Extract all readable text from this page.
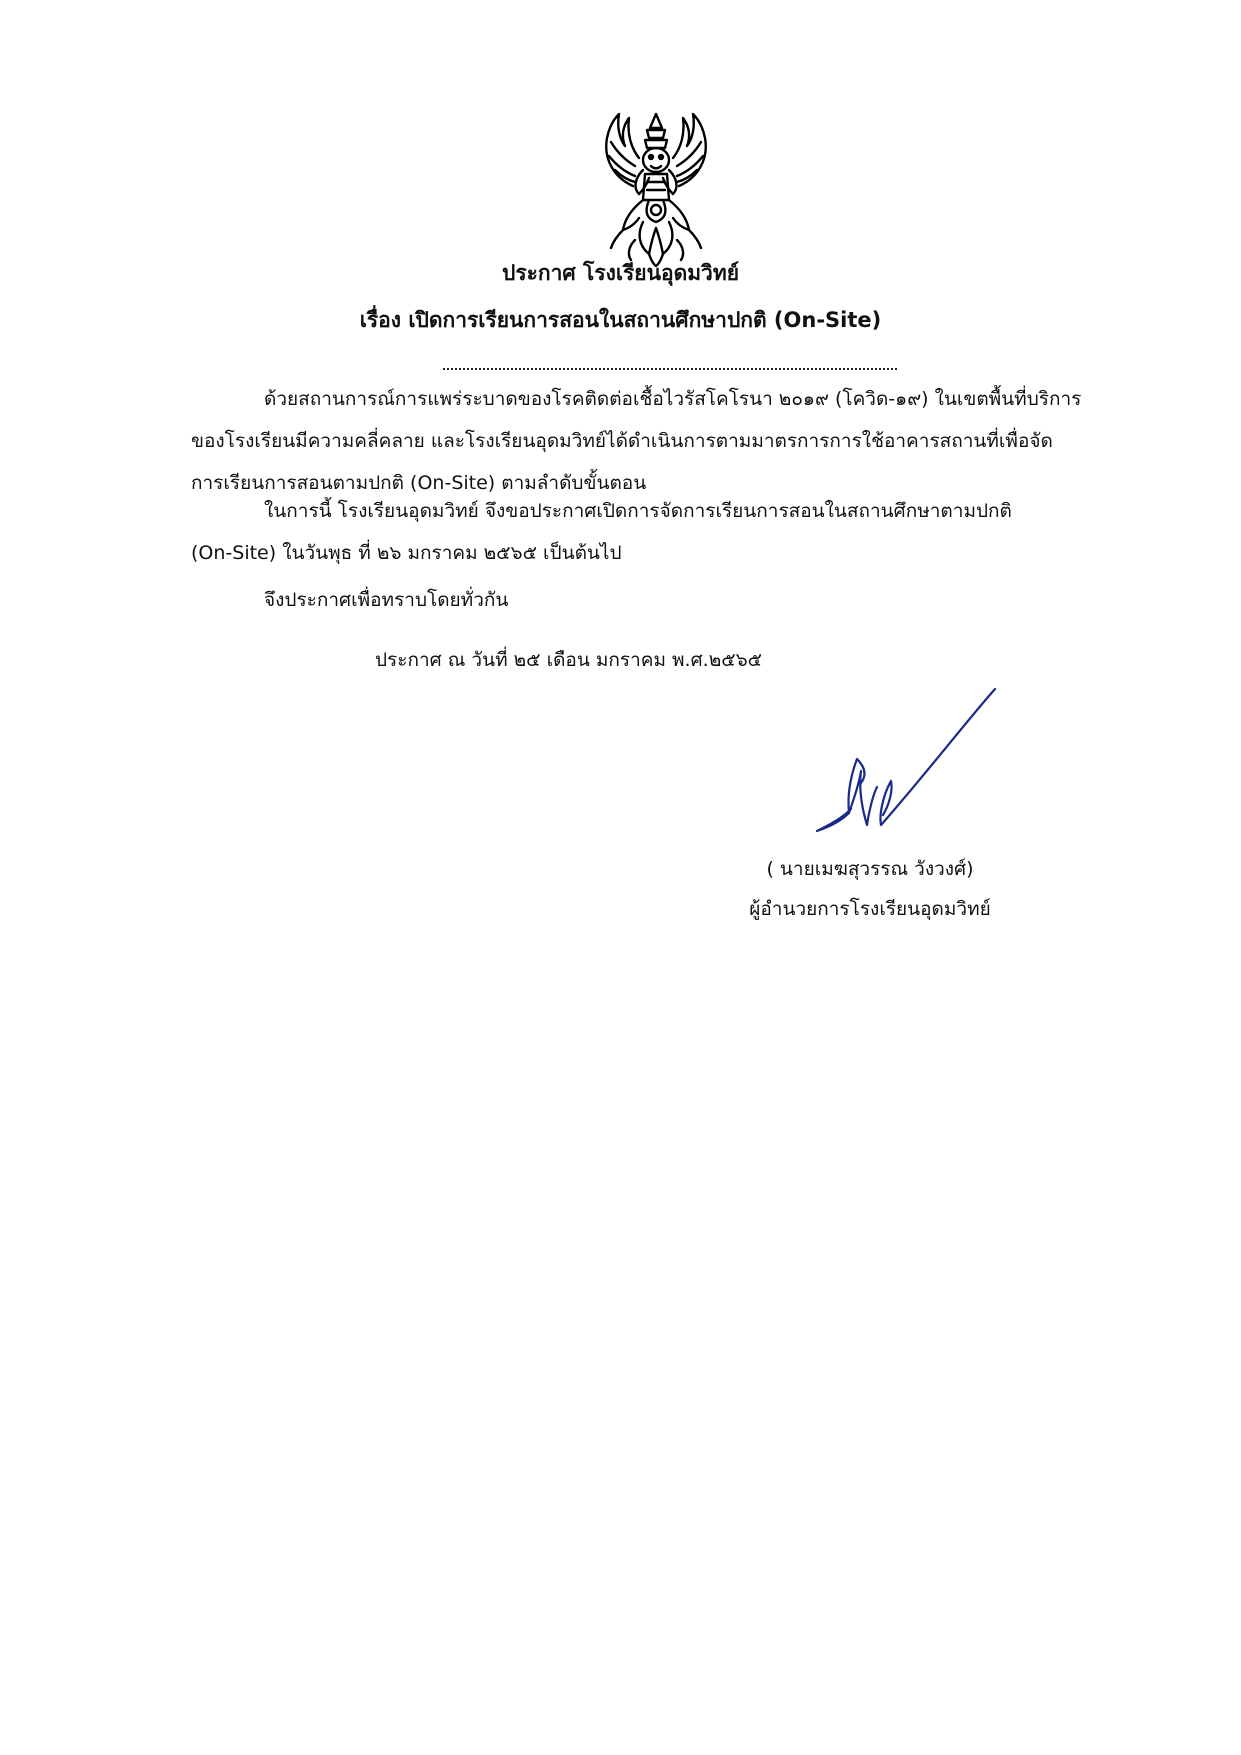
ประกาศ โรงเรียนอุดมวิทย์
เรื่อง เปิดการเรียนการสอนในสถานศึกษาปกติ (On-Site)
ด้วยสถานการณ์การแพร่ระบาดของโรคติดต่อเชื้อไวรัสโคโรนา ๒๐๑๙ (โควิด-๑๙) ในเขตพื้นที่บริการ
ของโรงเรียนมีความคลี่คลาย และโรงเรียนอุดมวิทย์ได้ดำเนินการตามมาตรการการใช้อาคารสถานที่เพื่อจัด
การเรียนการสอนตามปกติ (On-Site) ตามลำดับขั้นตอน
ในการนี้ โรงเรียนอุดมวิทย์ จึงขอประกาศเปิดการจัดการเรียนการสอนในสถานศึกษาตามปกติ
(On-Site) ในวันพุธ ที่ ๒๖ มกราคม ๒๕๖๕ เป็นต้นไป
จึงประกาศเพื่อทราบโดยทั่วกัน
ประกาศ ณ วันที่ ๒๕ เดือน มกราคม พ.ศ.๒๕๖๕
( นายเมฆสุวรรณ วังวงศ์)
ผู้อำนวยการโรงเรียนอุดมวิทย์
